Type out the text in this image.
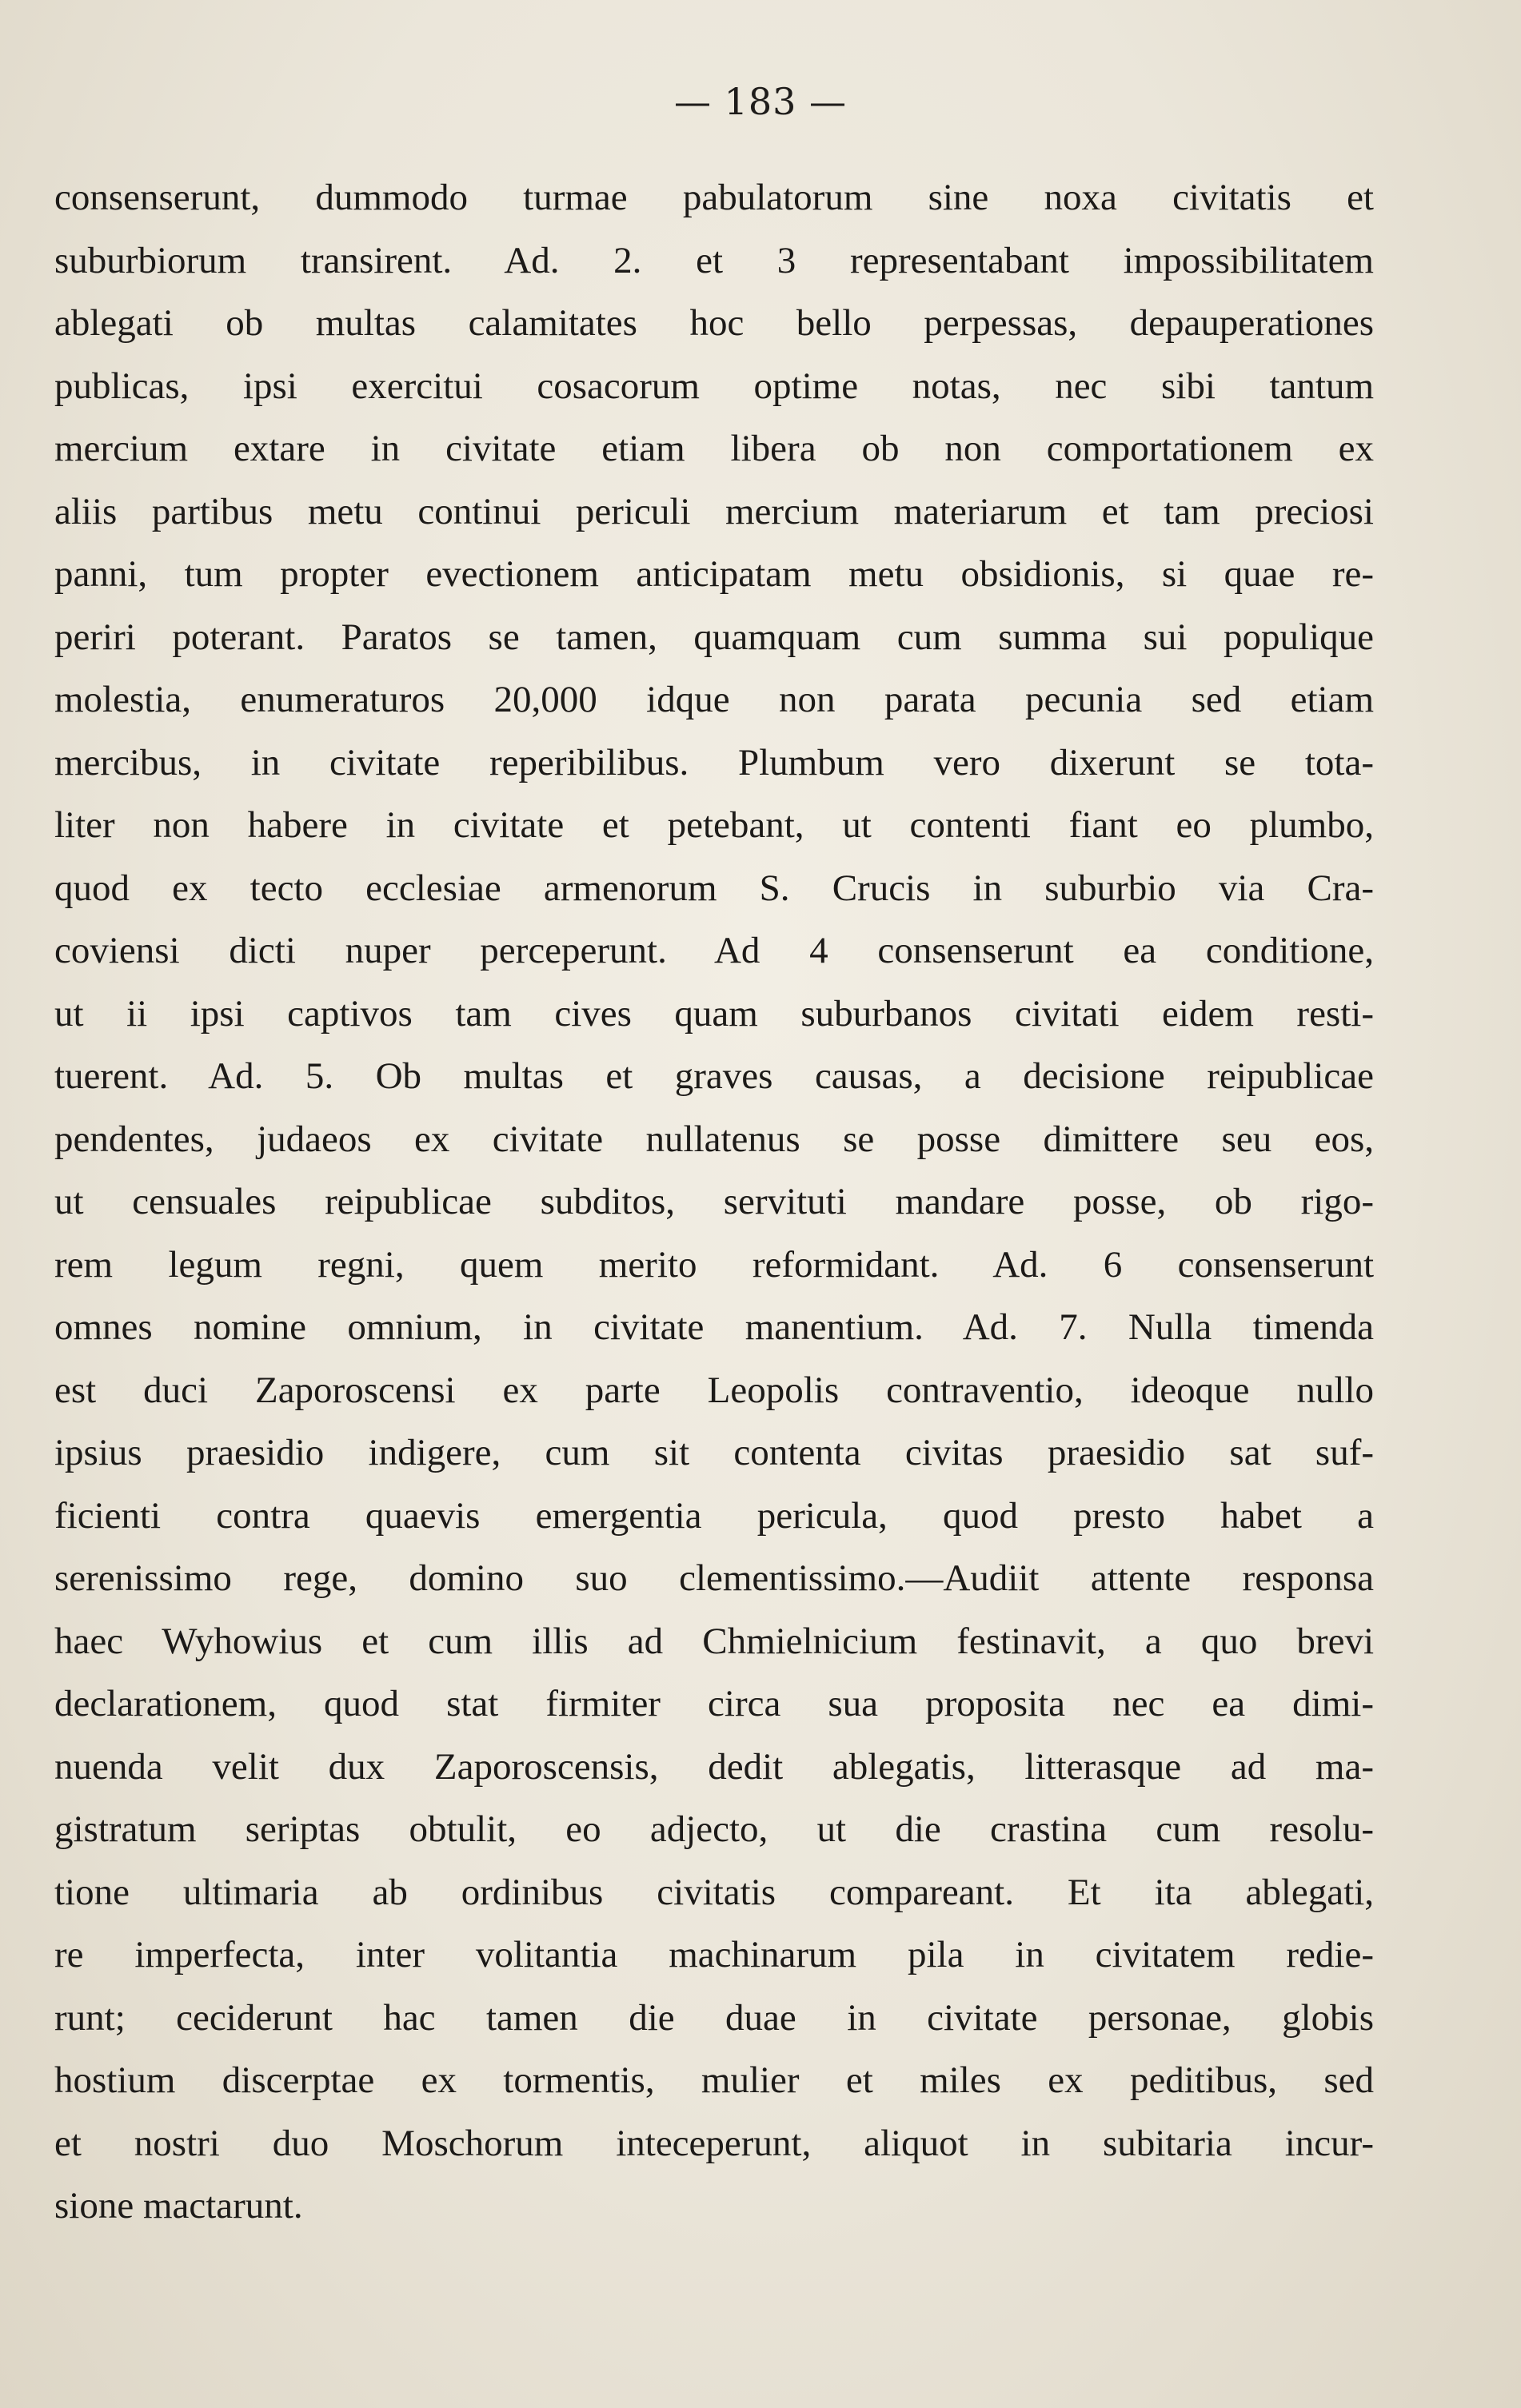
— 183 —
consenserunt, dummodo turmae pabulatorum sine noxa civitatis et
suburbiorum transirent. Ad. 2. et 3 representabant impossibilitatem
ablegati ob multas calamitates hoc bello perpessas, depauperationes
publicas, ipsi exercitui cosacorum optime notas, nec sibi tantum
mercium extare in civitate etiam libera ob non comportationem ex
aliis partibus metu continui periculi mercium materiarum et tam preciosi
panni, tum propter evectionem anticipatam metu obsidionis, si quae re-
periri poterant. Paratos se tamen, quamquam cum summa sui populique
molestia, enumeraturos 20,000 idque non parata pecunia sed etiam
mercibus, in civitate reperibilibus. Plumbum vero dixerunt se tota-
liter non habere in civitate et petebant, ut contenti fiant eo plumbo,
quod ex tecto ecclesiae armenorum S. Crucis in suburbio via Cra-
coviensi dicti nuper perceperunt. Ad 4 consenserunt ea conditione,
ut ii ipsi captivos tam cives quam suburbanos civitati eidem resti-
tuerent. Ad. 5. Ob multas et graves causas, a decisione reipublicae
pendentes, judaeos ex civitate nullatenus se posse dimittere seu eos,
ut censuales reipublicae subditos, servituti mandare posse, ob rigo-
rem legum regni, quem merito reformidant. Ad. 6 consenserunt
omnes nomine omnium, in civitate manentium. Ad. 7. Nulla timenda
est duci Zaporoscensi ex parte Leopolis contraventio, ideoque nullo
ipsius praesidio indigere, cum sit contenta civitas praesidio sat suf-
ficienti contra quaevis emergentia pericula, quod presto habet a
serenissimo rege, domino suo clementissimo.—Audiit attente responsa
haec Wyhowius et cum illis ad Chmielnicium festinavit, a quo brevi
declarationem, quod stat firmiter circa sua proposita nec ea dimi-
nuenda velit dux Zaporoscensis, dedit ablegatis, litterasque ad ma-
gistratum seriptas obtulit, eo adjecto, ut die crastina cum resolu-
tione ultimaria ab ordinibus civitatis compareant. Et ita ablegati,
re imperfecta, inter volitantia machinarum pila in civitatem redie-
runt; ceciderunt hac tamen die duae in civitate personae, globis
hostium discerptae ex tormentis, mulier et miles ex peditibus, sed
et nostri duo Moschorum inteceperunt, aliquot in subitaria incur-
sione mactarunt.
